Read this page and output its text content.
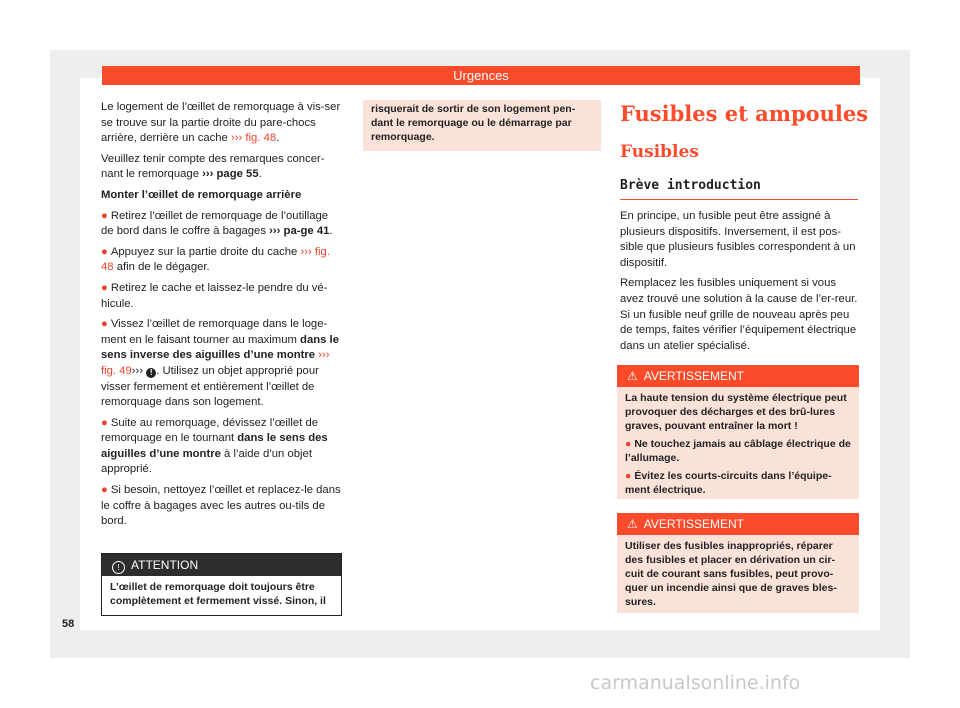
Urgences

Le logement de l’œillet de remorquage à vis-ser se trouve sur la partie droite du pare-chocs arrière, derrière un cache ››› fig. 48.

Veuillez tenir compte des remarques concer-nant le remorquage ››› page 55.

Monter l’œillet de remorquage arrière

● Retirez l’œillet de remorquage de l’outillage de bord dans le coffre à bagages ››› pa-ge 41.

● Appuyez sur la partie droite du cache ››› fig. 48 afin de le dégager.

● Retirez le cache et laissez-le pendre du vé-hicule.

● Vissez l’œillet de remorquage dans le loge-ment en le faisant tourner au maximum dans le sens inverse des aiguilles d’une montre ››› fig. 49››› ! . Utilisez un objet approprié pour visser fermement et entièrement l’œillet de remorquage dans son logement.

● Suite au remorquage, dévissez l’œillet de remorquage en le tournant dans le sens des aiguilles d’une montre à l’aide d’un objet approprié.

● Si besoin, nettoyez l’œillet et replacez-le dans le coffre à bagages avec les autres ou-tils de bord.

! ATTENTION
L’œillet de remorquage doit toujours être complètement et fermement vissé. Sinon, il
risquerait de sortir de son logement pen-dant le remorquage ou le démarrage par remorquage.
Fusibles et ampoules
Fusibles
Brève introduction

En principe, un fusible peut être assigné à plusieurs dispositifs. Inversement, il est pos-sible que plusieurs fusibles correspondent à un dispositif.

Remplacez les fusibles uniquement si vous avez trouvé une solution à la cause de l’er-reur. Si un fusible neuf grille de nouveau après peu de temps, faites vérifier l’équipement électrique dans un atelier spécialisé.

⚠ AVERTISSEMENT

La haute tension du système électrique peut provoquer des décharges et des brû-lures graves, pouvant entraîner la mort !

● Ne touchez jamais au câblage électrique de l’allumage.

● Évitez les courts-circuits dans l’équipe-ment électrique.

⚠ AVERTISSEMENT

Utiliser des fusibles inappropriés, réparer des fusibles et placer en dérivation un cir-cuit de courant sans fusibles, peut provo-quer un incendie ainsi que de graves bles-sures.

58
carmanualsonline.info
